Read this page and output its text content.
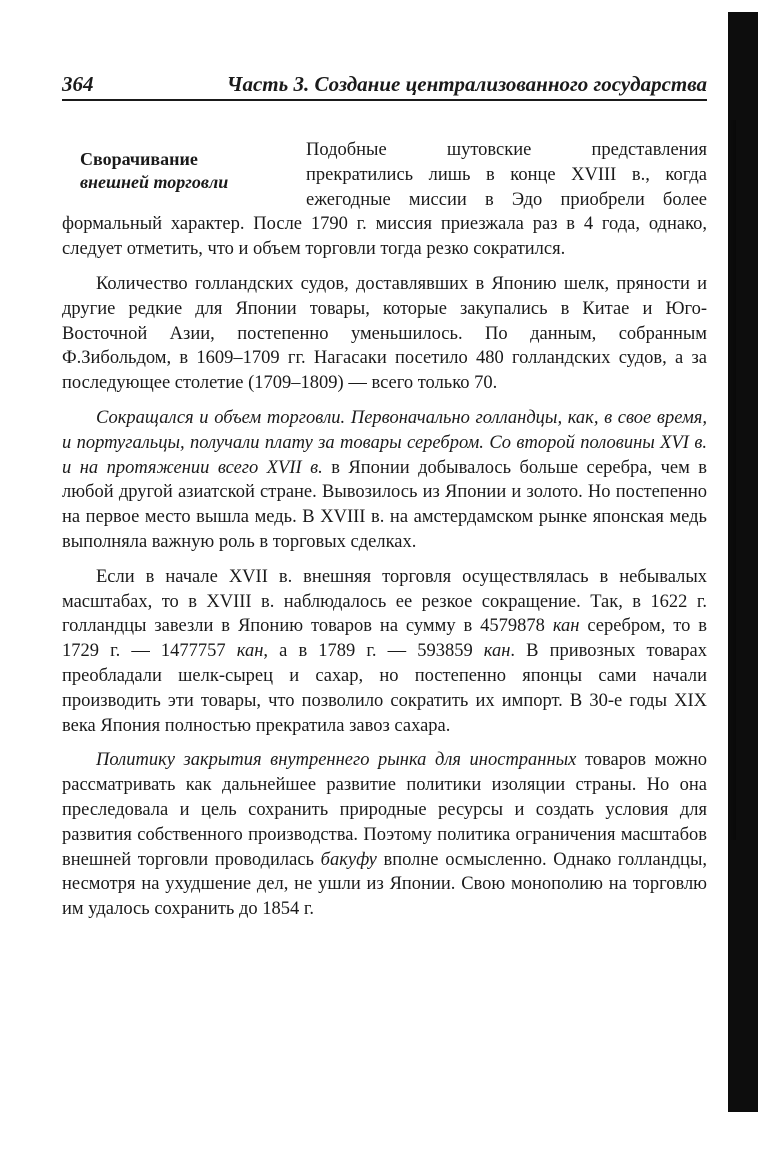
364	Часть 3. Создание централизованного государства
Сворачивание
внешней торговли

Подобные шутовские представления прекратились лишь в конце XVIII в., когда ежегодные миссии в Эдо приобрели более формальный характер. После 1790 г. миссия приезжала раз в 4 года, однако, следует отметить, что и объем торговли тогда резко сократился.

Количество голландских судов, доставлявших в Японию шелк, пряности и другие редкие для Японии товары, которые закупались в Китае и Юго-Восточной Азии, постепенно уменьшилось. По данным, собранным Ф.Зибольдом, в 1609–1709 гг. Нагасаки посетило 480 голландских судов, а за последующее столетие (1709–1809) — всего только 70.

Сокращался и объем торговли. Первоначально голландцы, как, в свое время, и португальцы, получали плату за товары серебром. Со второй половины XVI в. и на протяжении всего XVII в. в Японии добывалось больше серебра, чем в любой другой азиатской стране. Вывозилось из Японии и золото. Но постепенно на первое место вышла медь. В XVIII в. на амстердамском рынке японская медь выполняла важную роль в торговых сделках.

Если в начале XVII в. внешняя торговля осуществлялась в небывалых масштабах, то в XVIII в. наблюдалось ее резкое сокращение. Так, в 1622 г. голландцы завезли в Японию товаров на сумму в 4579878 кан серебром, то в 1729 г. — 1477757 кан, а в 1789 г. — 593859 кан. В привозных товарах преобладали шелк-сырец и сахар, но постепенно японцы сами начали производить эти товары, что позволило сократить их импорт. В 30-е годы XIX века Япония полностью прекратила завоз сахара.

Политику закрытия внутреннего рынка для иностранных товаров можно рассматривать как дальнейшее развитие политики изоляции страны. Но она преследовала и цель сохранить природные ресурсы и создать условия для развития собственного производства. Поэтому политика ограничения масштабов внешней торговли проводилась бакуфу вполне осмысленно. Однако голландцы, несмотря на ухудшение дел, не ушли из Японии. Свою монополию на торговлю им удалось сохранить до 1854 г.
